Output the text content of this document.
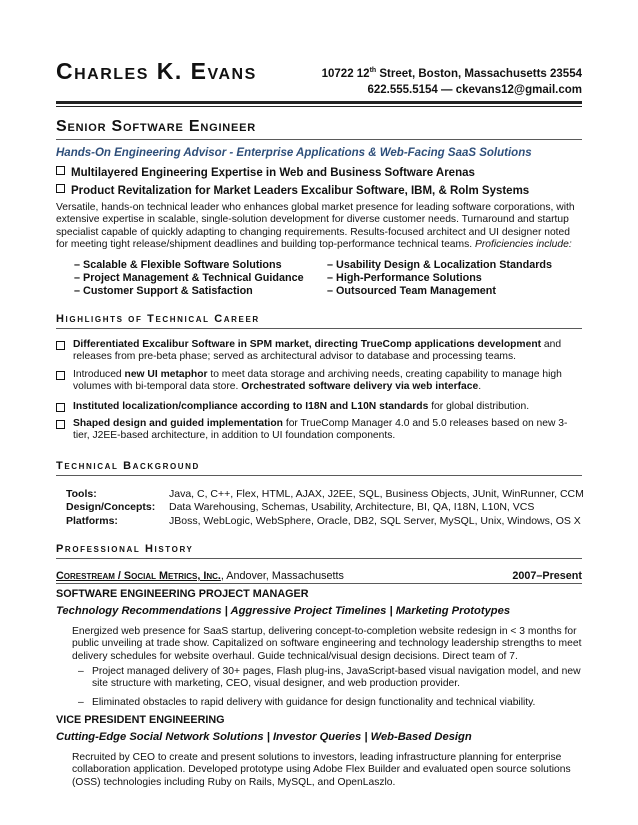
Charles K. Evans	10722 12th Street, Boston, Massachusetts 23554
622.555.5154 — ckevans12@gmail.com
Senior Software Engineer
Hands-On Engineering Advisor - Enterprise Applications & Web-Facing SaaS Solutions
Multilayered Engineering Expertise in Web and Business Software Arenas
Product Revitalization for Market Leaders Excalibur Software, IBM, & Rolm Systems
Versatile, hands-on technical leader who enhances global market presence for leading software corporations, with extensive expertise in scalable, single-solution development for diverse customer needs. Turnaround and startup specialist capable of quickly adapting to changing requirements. Results-focused architect and UI designer noted for meeting tight release/shipment deadlines and building top-performance technical teams. Proficiencies include:
– Scalable & Flexible Software Solutions
– Project Management & Technical Guidance
– Customer Support & Satisfaction
– Usability Design & Localization Standards
– High-Performance Solutions
– Outsourced Team Management
Highlights of Technical Career
Differentiated Excalibur Software in SPM market, directing TrueComp applications development and releases from pre-beta phase; served as architectural advisor to database and processing teams.
Introduced new UI metaphor to meet data storage and archiving needs, creating capability to manage high volumes with bi-temporal data store. Orchestrated software delivery via web interface.
Instituted localization/compliance according to I18N and L10N standards for global distribution.
Shaped design and guided implementation for TrueComp Manager 4.0 and 5.0 releases based on new 3-tier, J2EE-based architecture, in addition to UI foundation components.
Technical Background
Tools:	Java, C, C++, Flex, HTML, AJAX, J2EE, SQL, Business Objects, JUnit, WinRunner, CCM
Design/Concepts: Data Warehousing, Schemas, Usability, Architecture, BI, QA, I18N, L10N, VCS
Platforms:	JBoss, WebLogic, WebSphere, Oracle, DB2, SQL Server, MySQL, Unix, Windows, OS X
Professional History
Corestream / Social Metrics, Inc., Andover, Massachusetts	2007–Present
SOFTWARE ENGINEERING PROJECT MANAGER
Technology Recommendations | Aggressive Project Timelines | Marketing Prototypes
Energized web presence for SaaS startup, delivering concept-to-completion website redesign in < 3 months for public unveiling at trade show. Capitalized on software engineering and technology leadership strengths to meet delivery schedules for website overhaul. Guide technical/visual design decisions. Direct team of 7.
– Project managed delivery of 30+ pages, Flash plug-ins, JavaScript-based visual navigation model, and new site structure with marketing, CEO, visual designer, and web production provider.
– Eliminated obstacles to rapid delivery with guidance for design functionality and technical viability.
VICE PRESIDENT ENGINEERING
Cutting-Edge Social Network Solutions | Investor Queries | Web-Based Design
Recruited by CEO to create and present solutions to investors, leading infrastructure planning for enterprise collaboration application. Developed prototype using Adobe Flex Builder and evaluated open source solutions (OSS) technologies including Ruby on Rails, MySQL, and OpenLaszlo.
